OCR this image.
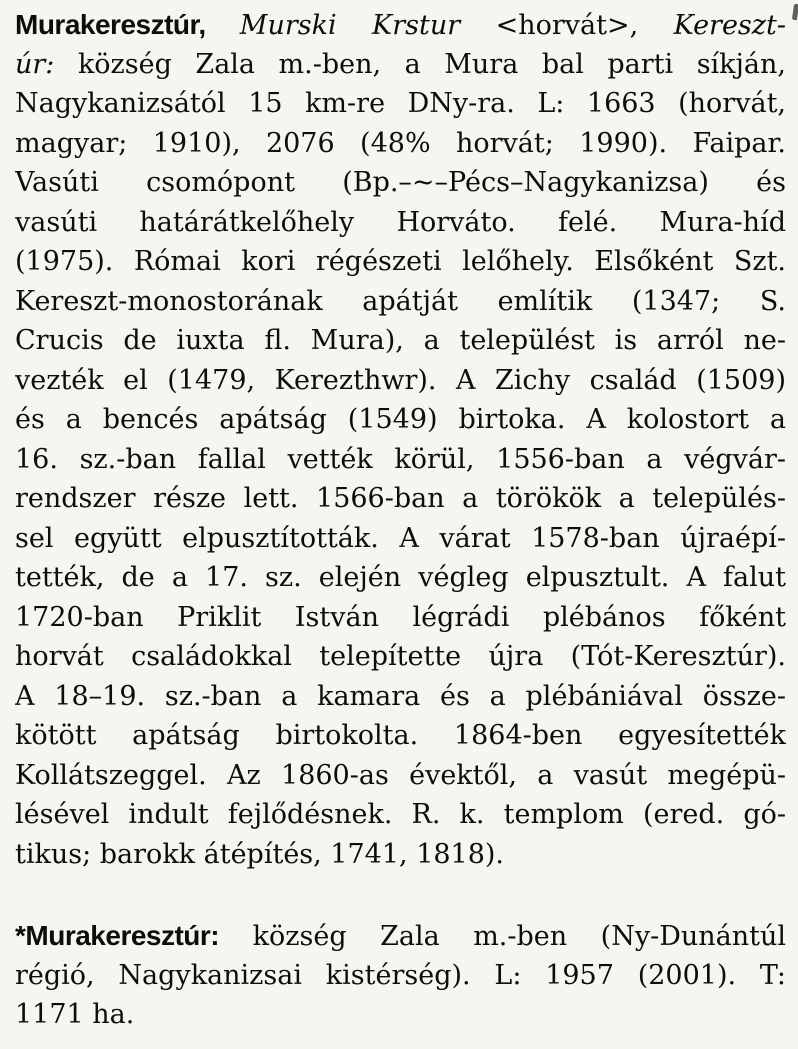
Murakeresztúr, Murski Krstur <horvát>, Kereszt-
úr: község Zala m.-ben, a Mura bal parti síkján,
Nagykanizsától 15 km-re DNy-ra. L: 1663 (horvát,
magyar; 1910), 2076 (48% horvát; 1990). Faipar.
Vasúti csomópont (Bp.–~–Pécs–Nagykanizsa) és
vasúti határátkelőhely Horváto. felé. Mura-híd
(1975). Római kori régészeti lelőhely. Elsőként Szt.
Kereszt-monostorának apátját említik (1347; S.
Crucis de iuxta fl. Mura), a települést is arról ne-
vezték el (1479, Kerezthwr). A Zichy család (1509)
és a bencés apátság (1549) birtoka. A kolostort a
16. sz.-ban fallal vették körül, 1556-ban a végvár-
rendszer része lett. 1566-ban a törökök a település-
sel együtt elpusztították. A várat 1578-ban újraépí-
tették, de a 17. sz. elején végleg elpusztult. A falut
1720-ban Priklit István légrádi plébános főként
horvát családokkal telepítette újra (Tót-Keresztúr).
A 18–19. sz.-ban a kamara és a plébániával össze-
kötött apátság birtokolta. 1864-ben egyesítették
Kollátszeggel. Az 1860-as évektől, a vasút megépü-
lésével indult fejlődésnek. R. k. templom (ered. gó-
tikus; barokk átépítés, 1741, 1818).
*Murakeresztúr: község Zala m.-ben (Ny-Dunántúl
régió, Nagykanizsai kistérség). L: 1957 (2001). T:
1171 ha.
